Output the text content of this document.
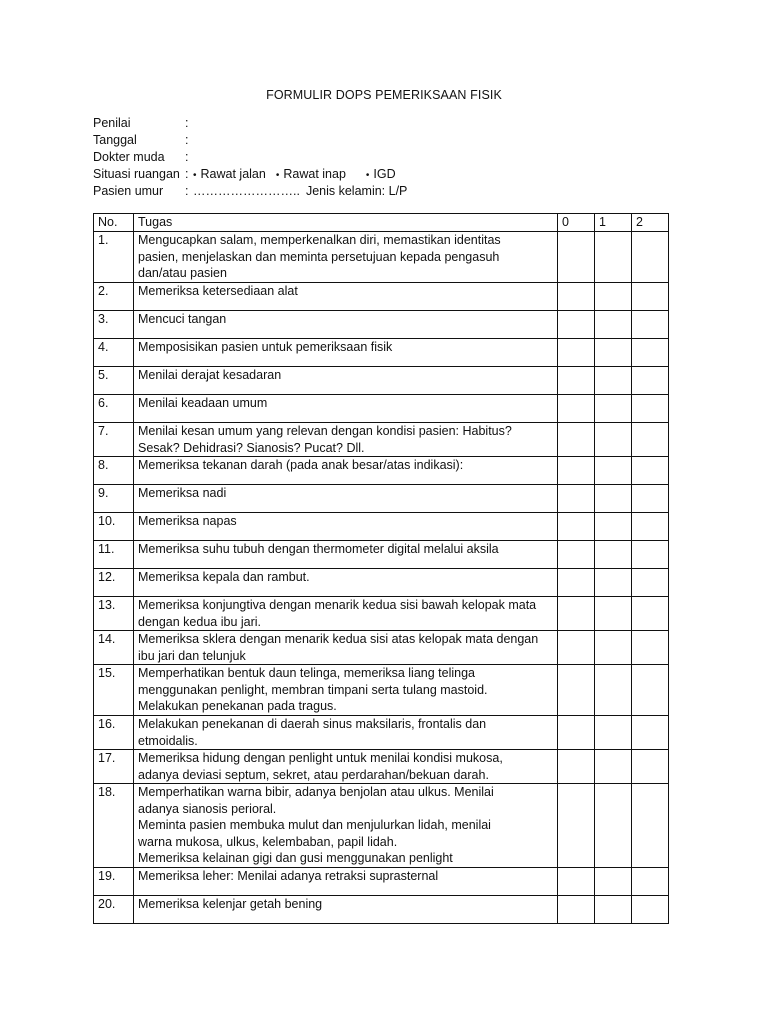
FORMULIR DOPS PEMERIKSAAN FISIK
Penilai	:
Tanggal	:
Dokter muda	:
Situasi ruangan : • Rawat jalan • Rawat inap • IGD
Pasien umur	: …………………….. Jenis kelamin: L/P
No.	Tugas	0	1	2
1.	Mengucapkan salam, memperkenalkan diri, memastikan identitas
pasien, menjelaskan dan meminta persetujuan kepada pengasuh
dan/atau pasien			

2.	Memeriksa ketersediaan alat			

3.	Mencuci tangan			

4.	Memposisikan pasien untuk pemeriksaan fisik			

5.	Menilai derajat kesadaran			

6.	Menilai keadaan umum			

7.	Menilai kesan umum yang relevan dengan kondisi pasien: Habitus?
Sesak? Dehidrasi? Sianosis? Pucat? Dll.			

8.	Memeriksa tekanan darah (pada anak besar/atas indikasi):			

9.	Memeriksa nadi			

10.	Memeriksa napas			

11.	Memeriksa suhu tubuh dengan thermometer digital melalui aksila			

12.	Memeriksa kepala dan rambut.			

13.	Memeriksa konjungtiva dengan menarik kedua sisi bawah kelopak mata
dengan kedua ibu jari.			

14.	Memeriksa sklera dengan menarik kedua sisi atas kelopak mata dengan
ibu jari dan telunjuk			

15.	Memperhatikan bentuk daun telinga, memeriksa liang telinga
menggunakan penlight, membran timpani serta tulang mastoid.
Melakukan penekanan pada tragus.			

16.	Melakukan penekanan di daerah sinus maksilaris, frontalis dan
etmoidalis.			

17.	Memeriksa hidung dengan penlight untuk menilai kondisi mukosa,
adanya deviasi septum, sekret, atau perdarahan/bekuan darah.			

18.	Memperhatikan warna bibir, adanya benjolan atau ulkus. Menilai
adanya sianosis perioral.
Meminta pasien membuka mulut dan menjulurkan lidah, menilai
warna mukosa, ulkus, kelembaban, papil lidah.
Memeriksa kelainan gigi dan gusi menggunakan penlight			

19.	Memeriksa leher: Menilai adanya retraksi suprasternal			

20.	Memeriksa kelenjar getah bening			
